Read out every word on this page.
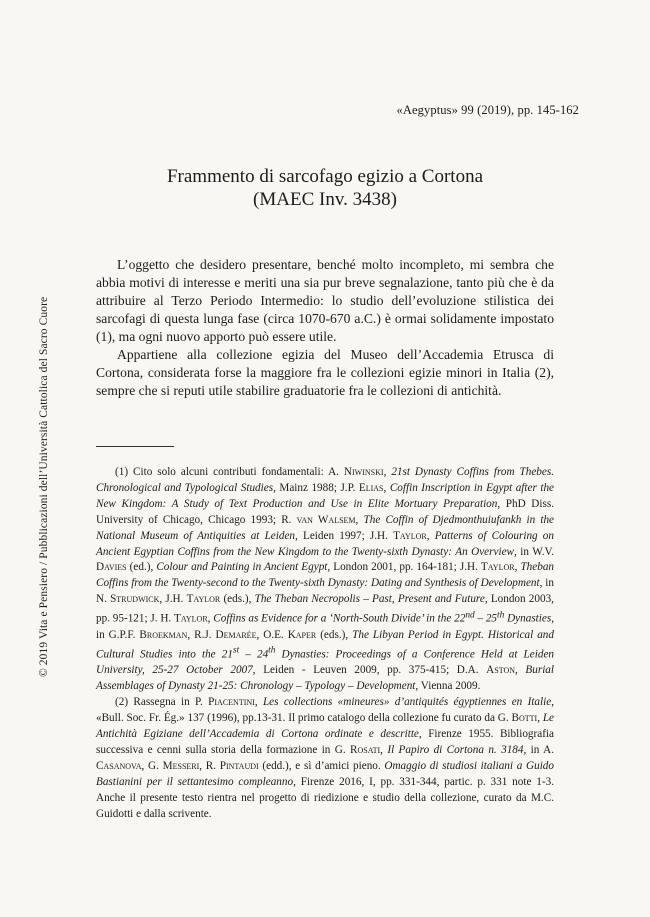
«Aegyptus» 99 (2019), pp. 145-162
Frammento di sarcofago egizio a Cortona
(MAEC Inv. 3438)

L’oggetto che desidero presentare, benché molto incompleto, mi sembra che abbia motivi di interesse e meriti una sia pur breve segnalazione, tanto più che è da attribuire al Terzo Periodo Intermedio: lo studio dell’evoluzione stilistica dei sarcofagi di questa lunga fase (circa 1070-670 a.C.) è ormai solidamente impostato (1), ma ogni nuovo apporto può essere utile.

Appartiene alla collezione egizia del Museo dell’Accademia Etrusca di Cortona, considerata forse la maggiore fra le collezioni egizie minori in Italia (2), sempre che si reputi utile stabilire graduatorie fra le collezioni di antichità.

(1) Cito solo alcuni contributi fondamentali: A. Niwinski, 21st Dynasty Coffins from Thebes. Chronological and Typological Studies, Mainz 1988; J.P. Elias, Coffin Inscription in Egypt after the New Kingdom: A Study of Text Production and Use in Elite Mortuary Preparation, PhD Diss. University of Chicago, Chicago 1993; R. van Walsem, The Coffin of Djedmonthuiufankh in the National Museum of Antiquities at Leiden, Leiden 1997; J.H. Taylor, Patterns of Colouring on Ancient Egyptian Coffins from the New Kingdom to the Twenty-sixth Dynasty: An Overview, in W.V. Davies (ed.), Colour and Painting in Ancient Egypt, London 2001, pp. 164-181; J.H. Taylor, Theban Coffins from the Twenty-second to the Twenty-sixth Dynasty: Dating and Synthesis of Development, in N. Strudwick, J.H. Taylor (eds.), The Theban Necropolis – Past, Present and Future, London 2003, pp. 95-121; J. H. Taylor, Coffins as Evidence for a ‘North-South Divide’ in the 22nd – 25th Dynasties, in G.P.F. Broekman, R.J. Demarée, O.E. Kaper (eds.), The Libyan Period in Egypt. Historical and Cultural Studies into the 21st – 24th Dynasties: Proceedings of a Conference Held at Leiden University, 25-27 October 2007, Leiden - Leuven 2009, pp. 375-415; D.A. Aston, Burial Assemblages of Dynasty 21-25: Chronology – Typology – Development, Vienna 2009.

(2) Rassegna in P. Piacentini, Les collections «mineures» d’antiquités égyptiennes en Italie, «Bull. Soc. Fr. Ég.» 137 (1996), pp.13-31. Il primo catalogo della collezione fu curato da G. Botti, Le Antichità Egiziane dell’Accademia di Cortona ordinate e descritte, Firenze 1955. Bibliografia successiva e cenni sulla storia della formazione in G. Rosati, Il Papiro di Cortona n. 3184, in A. Casanova, G. Messeri, R. Pintaudi (edd.), e sì d’amici pieno. Omaggio di studiosi italiani a Guido Bastianini per il settantesimo compleanno, Firenze 2016, I, pp. 331-344, partic. p. 331 note 1-3. Anche il presente testo rientra nel progetto di riedizione e studio della collezione, curato da M.C. Guidotti e dalla scrivente.

© 2019 Vita e Pensiero / Pubblicazioni dell’Università Cattolica del Sacro Cuore
